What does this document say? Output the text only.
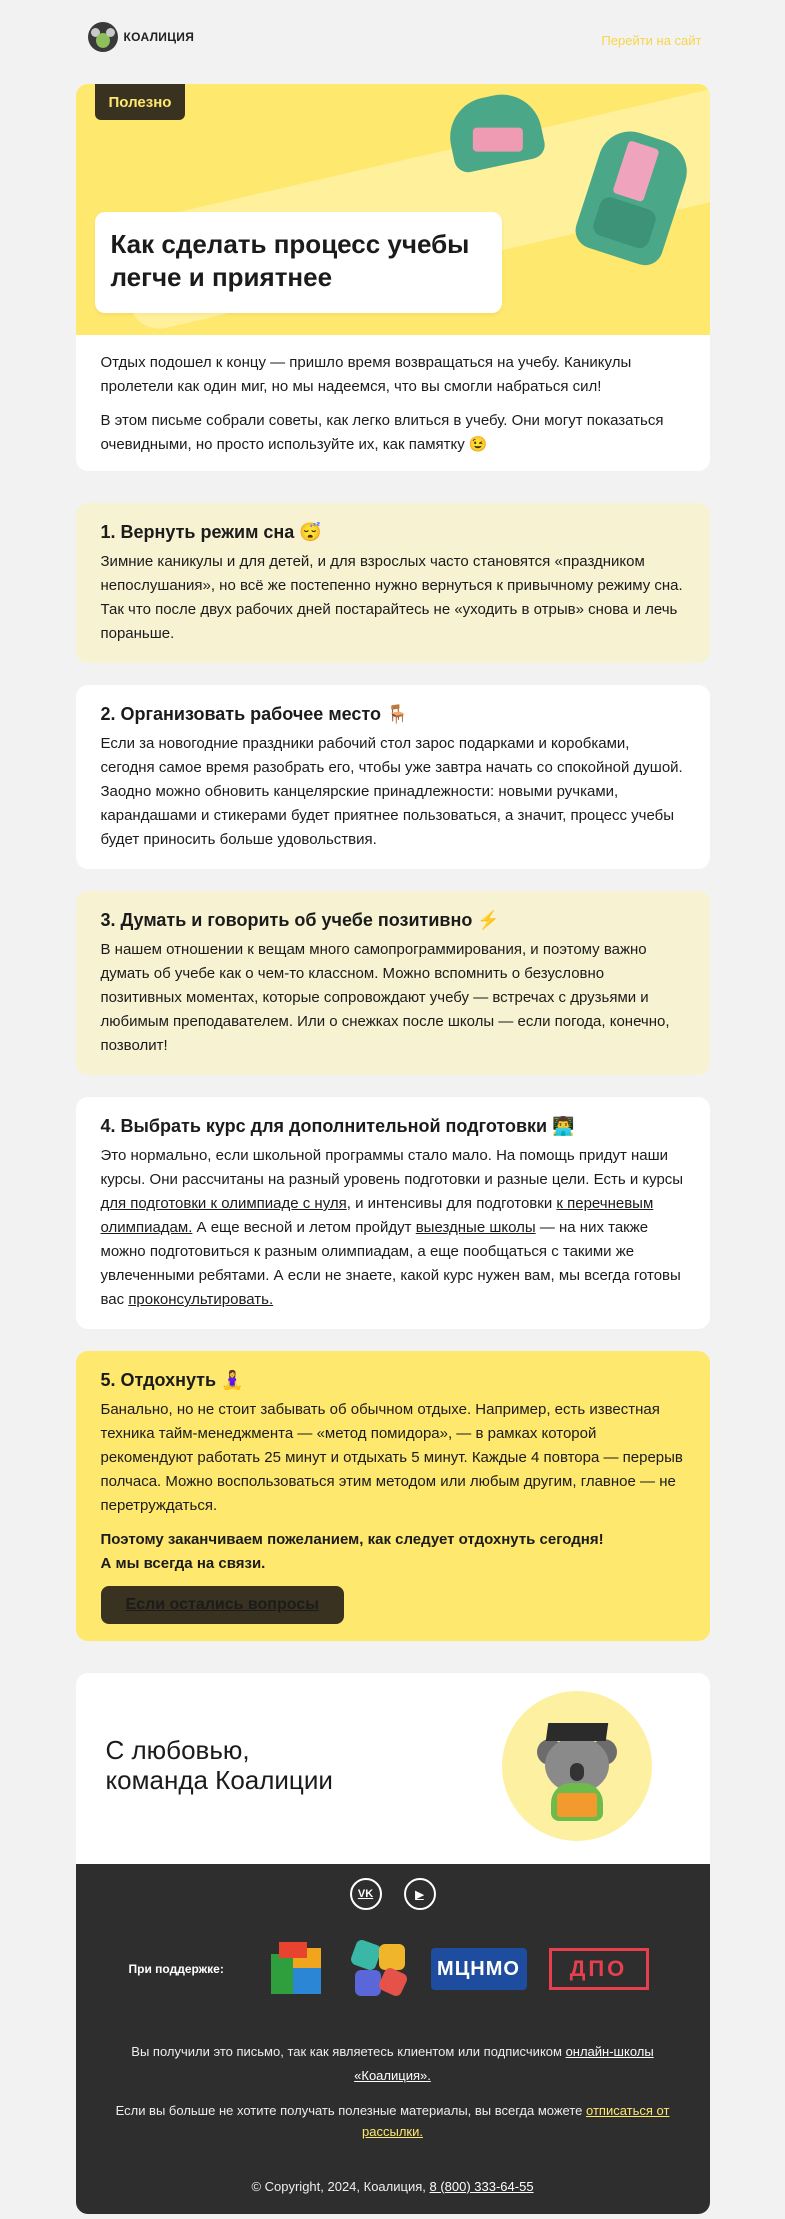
КОАЛИЦИЯ	Перейти на сайт
Полезно
Как сделать процесс учебы легче и приятнее

Отдых подошел к концу — пришло время возвращаться на учебу. Каникулы пролетели как один миг, но мы надеемся, что вы смогли набраться сил!

В этом письме собрали советы, как легко влиться в учебу. Они могут показаться очевидными, но просто используйте их, как памятку 😉

1. Вернуть режим сна 😴

Зимние каникулы и для детей, и для взрослых часто становятся «праздником непослушания», но всё же постепенно нужно вернуться к привычному режиму сна. Так что после двух рабочих дней постарайтесь не «уходить в отрыв» снова и лечь пораньше.

2. Организовать рабочее место 🪑

Если за новогодние праздники рабочий стол зарос подарками и коробками, сегодня самое время разобрать его, чтобы уже завтра начать со спокойной душой. Заодно можно обновить канцелярские принадлежности: новыми ручками, карандашами и стикерами будет приятнее пользоваться, а значит, процесс учебы будет приносить больше удовольствия.

3. Думать и говорить об учебе позитивно ⚡

В нашем отношении к вещам много самопрограммирования, и поэтому важно думать об учебе как о чем-то классном. Можно вспомнить о безусловно позитивных моментах, которые сопровождают учебу — встречах с друзьями и любимым преподавателем. Или о снежках после школы — если погода, конечно, позволит!

4. Выбрать курс для дополнительной подготовки 👨‍💻

Это нормально, если школьной программы стало мало. На помощь придут наши курсы. Они рассчитаны на разный уровень подготовки и разные цели. Есть и курсы для подготовки к олимпиаде с нуля, и интенсивы для подготовки к перечневым олимпиадам. А еще весной и летом пройдут выездные школы — на них также можно подготовиться к разным олимпиадам, а еще пообщаться с такими же увлеченными ребятами. А если не знаете, какой курс нужен вам, мы всегда готовы вас проконсультировать.

5. Отдохнуть 🧘‍♀️

Банально, но не стоит забывать об обычном отдыхе. Например, есть известная техника тайм-менеджмента — «метод помидора», — в рамках которой рекомендуют работать 25 минут и отдыхать 5 минут. Каждые 4 повтора — перерыв полчаса. Можно воспользоваться этим методом или любым другим, главное — не перетруждаться.

Поэтому заканчиваем пожеланием, как следует отдохнуть сегодня!
А мы всегда на связи.

Если остались вопросы
С любовью,
команда Коалиции
VK	▶
При поддержке:	МЦНМО	ДПО

Вы получили это письмо, так как являетесь клиентом или подписчиком онлайн-школы «Коалиция».

Если вы больше не хотите получать полезные материалы, вы всегда можете отписаться от рассылки.

© Copyright, 2024, Коалиция, 8 (800) 333-64-55
